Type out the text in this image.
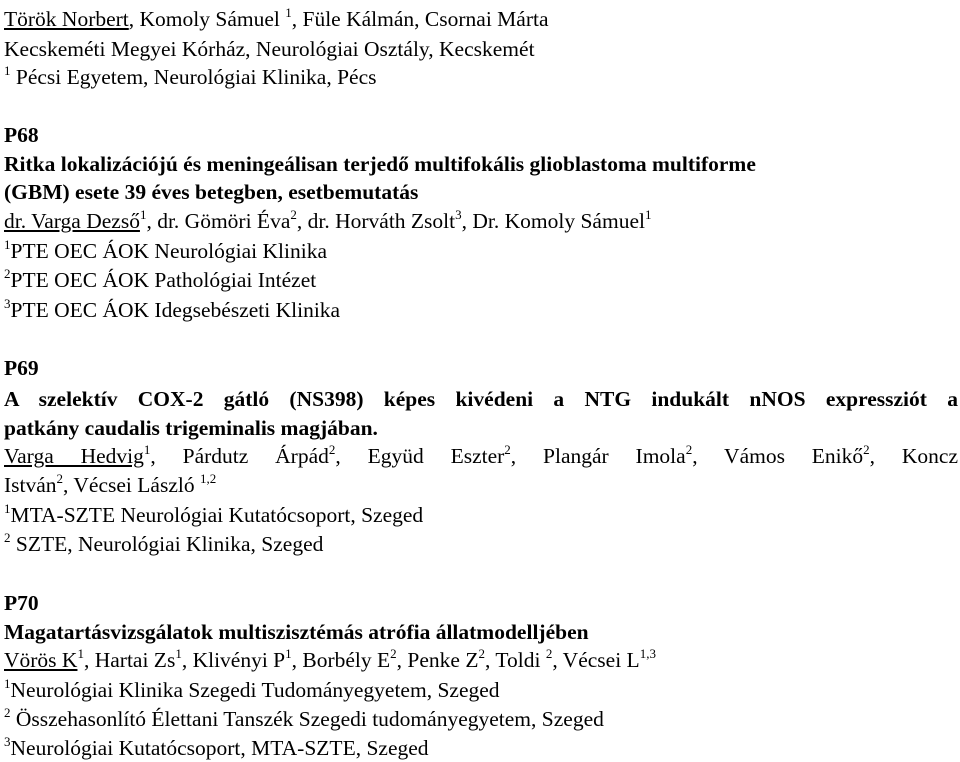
Török Norbert, Komoly Sámuel $^1$, Füle Kálmán, Csornai Márta
Kecskeméti Megyei Kórház, Neurológiai Osztály, Kecskemét
$^1$ Pécsi Egyetem, Neurológiai Klinika, Pécs
P68
Ritka lokalizációjú és meningeálisan terjedő multifokális glioblastoma multiforme
(GBM) esete 39 éves betegben, esetbemutatás
dr. Varga Dezső$^1$, dr. Gömöri Éva$^2$, dr. Horváth Zsolt$^3$, Dr. Komoly Sámuel$^1$
$^1$PTE OEC ÁOK Neurológiai Klinika
$^2$PTE OEC ÁOK Pathológiai Intézet
$^3$PTE OEC ÁOK Idegsebészeti Klinika
P69
A szelektív COX-2 gátló (NS398) képes kivédeni a NTG indukált nNOS expressziót a
patkány caudalis trigeminalis magjában.
Varga Hedvig$^1$, Párdutz Árpád$^2$, Együd Eszter$^2$, Plangár Imola$^2$, Vámos Enikő$^2$, Koncz
István$^2$, Vécsei László $^{1,2}$
$^1$MTA-SZTE Neurológiai Kutatócsoport, Szeged
$^2$ SZTE, Neurológiai Klinika, Szeged
P70
Magatartásvizsgálatok multiszisztémás atrófia állatmodelljében
Vörös $K^1$, Hartai Zs$^1$, Klivényi $P^1$, Borbély $E^2$, Penke $Z^2$, Toldi $^2$, Vécsei L$^{1,3}$
$^1$Neurológiai Klinika Szegedi Tudományegyetem, Szeged
$^2$ Összehasonlító Élettani Tanszék Szegedi tudományegyetem, Szeged
$^3$Neurológiai Kutatócsoport, MTA-SZTE, Szeged
